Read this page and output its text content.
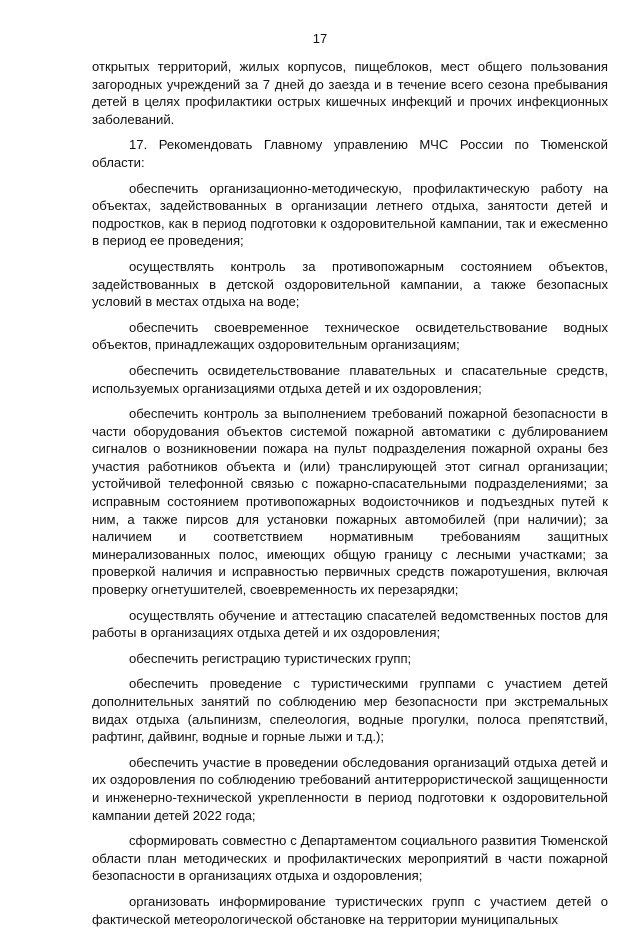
17

открытых территорий, жилых корпусов, пищеблоков, мест общего пользования загородных учреждений за 7 дней до заезда и в течение всего сезона пребывания детей в целях профилактики острых кишечных инфекций и прочих инфекционных заболеваний.

17. Рекомендовать Главному управлению МЧС России по Тюменской области:

обеспечить организационно-методическую, профилактическую работу на объектах, задействованных в организации летнего отдыха, занятости детей и подростков, как в период подготовки к оздоровительной кампании, так и ежесменно в период ее проведения;

осуществлять контроль за противопожарным состоянием объектов, задействованных в детской оздоровительной кампании, а также безопасных условий в местах отдыха на воде;

обеспечить своевременное техническое освидетельствование водных объектов, принадлежащих оздоровительным организациям;

обеспечить освидетельствование плавательных и спасательные средств, используемых организациями отдыха детей и их оздоровления;

обеспечить контроль за выполнением требований пожарной безопасности в части оборудования объектов системой пожарной автоматики с дублированием сигналов о возникновении пожара на пульт подразделения пожарной охраны без участия работников объекта и (или) транслирующей этот сигнал организации; устойчивой телефонной связью с пожарно-спасательными подразделениями; за исправным состоянием противопожарных водоисточников и подъездных путей к ним, а также пирсов для установки пожарных автомобилей (при наличии); за наличием и соответствием нормативным требованиям защитных минерализованных полос, имеющих общую границу с лесными участками; за проверкой наличия и исправностью первичных средств пожаротушения, включая проверку огнетушителей, своевременность их перезарядки;

осуществлять обучение и аттестацию спасателей ведомственных постов для работы в организациях отдыха детей и их оздоровления;

обеспечить регистрацию туристических групп;

обеспечить проведение с туристическими группами с участием детей дополнительных занятий по соблюдению мер безопасности при экстремальных видах отдыха (альпинизм, спелеология, водные прогулки, полоса препятствий, рафтинг, дайвинг, водные и горные лыжи и т.д.);

обеспечить участие в проведении обследования организаций отдыха детей и их оздоровления по соблюдению требований антитеррористической защищенности и инженерно-технической укрепленности в период подготовки к оздоровительной кампании детей 2022 года;

сформировать совместно с Департаментом социального развития Тюменской области план методических и профилактических мероприятий в части пожарной безопасности в организациях отдыха и оздоровления;

организовать информирование туристических групп с участием детей о фактической метеорологической обстановке на территории муниципальных
